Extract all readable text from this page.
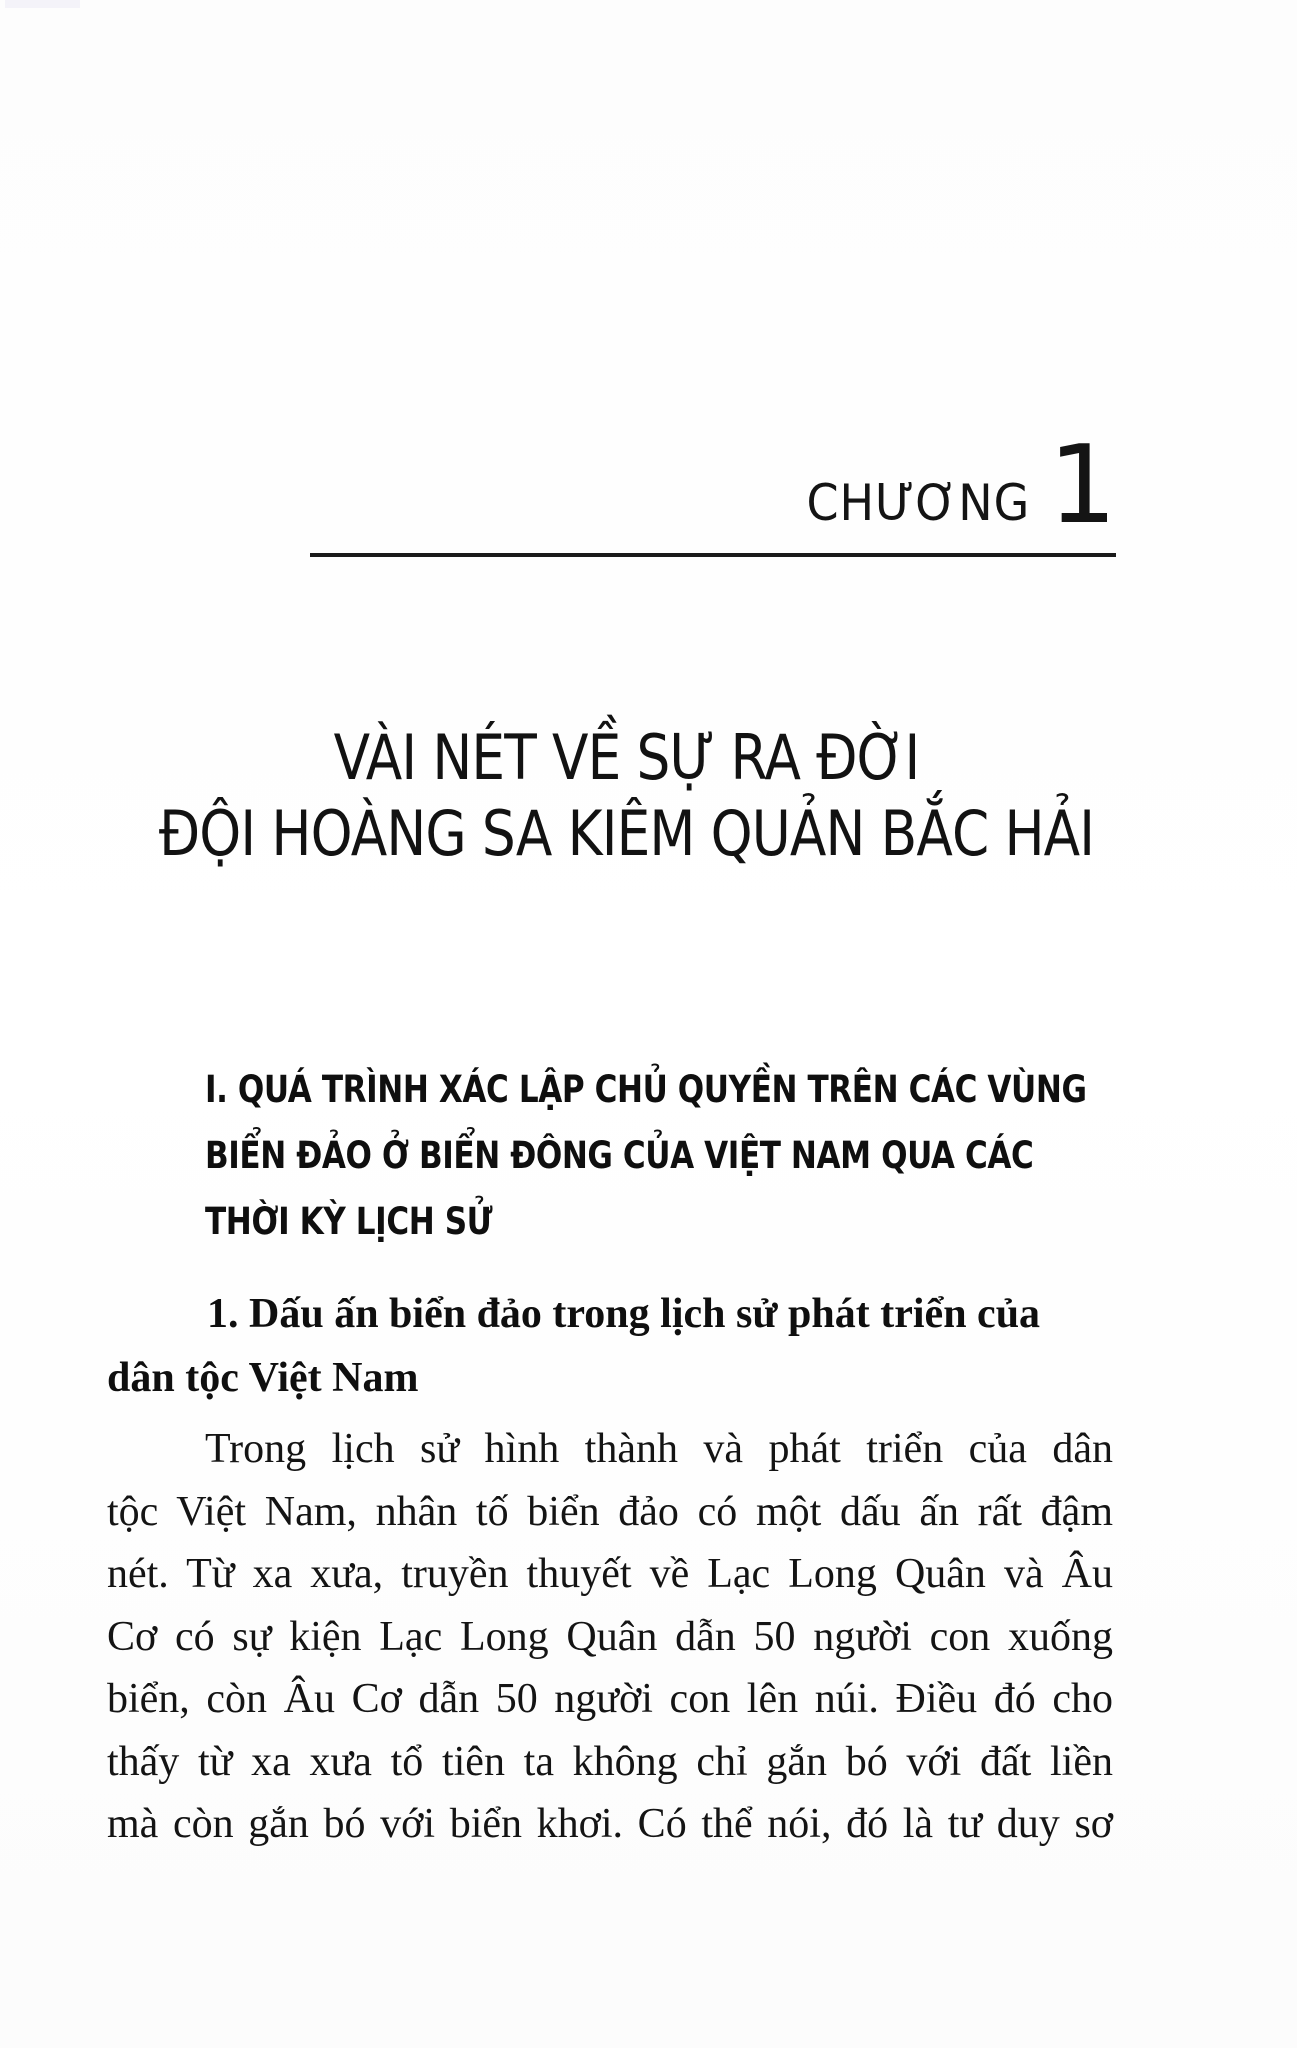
CHƯƠNG 1
VÀI NÉT VỀ SỰ RA ĐỜI
ĐỘI HOÀNG SA KIÊM QUẢN BẮC HẢI
I. QUÁ TRÌNH XÁC LẬP CHỦ QUYỀN TRÊN CÁC VÙNG
BIỂN ĐẢO Ở BIỂN ĐÔNG CỦA VIỆT NAM QUA CÁC
THỜI KỲ LỊCH SỬ
1. Dấu ấn biển đảo trong lịch sử phát triển của
dân tộc Việt Nam
Trong lịch sử hình thành và phát triển của dân
tộc Việt Nam, nhân tố biển đảo có một dấu ấn rất đậm
nét. Từ xa xưa, truyền thuyết về Lạc Long Quân và Âu
Cơ có sự kiện Lạc Long Quân dẫn 50 người con xuống
biển, còn Âu Cơ dẫn 50 người con lên núi. Điều đó cho
thấy từ xa xưa tổ tiên ta không chỉ gắn bó với đất liền
mà còn gắn bó với biển khơi. Có thể nói, đó là tư duy sơ
